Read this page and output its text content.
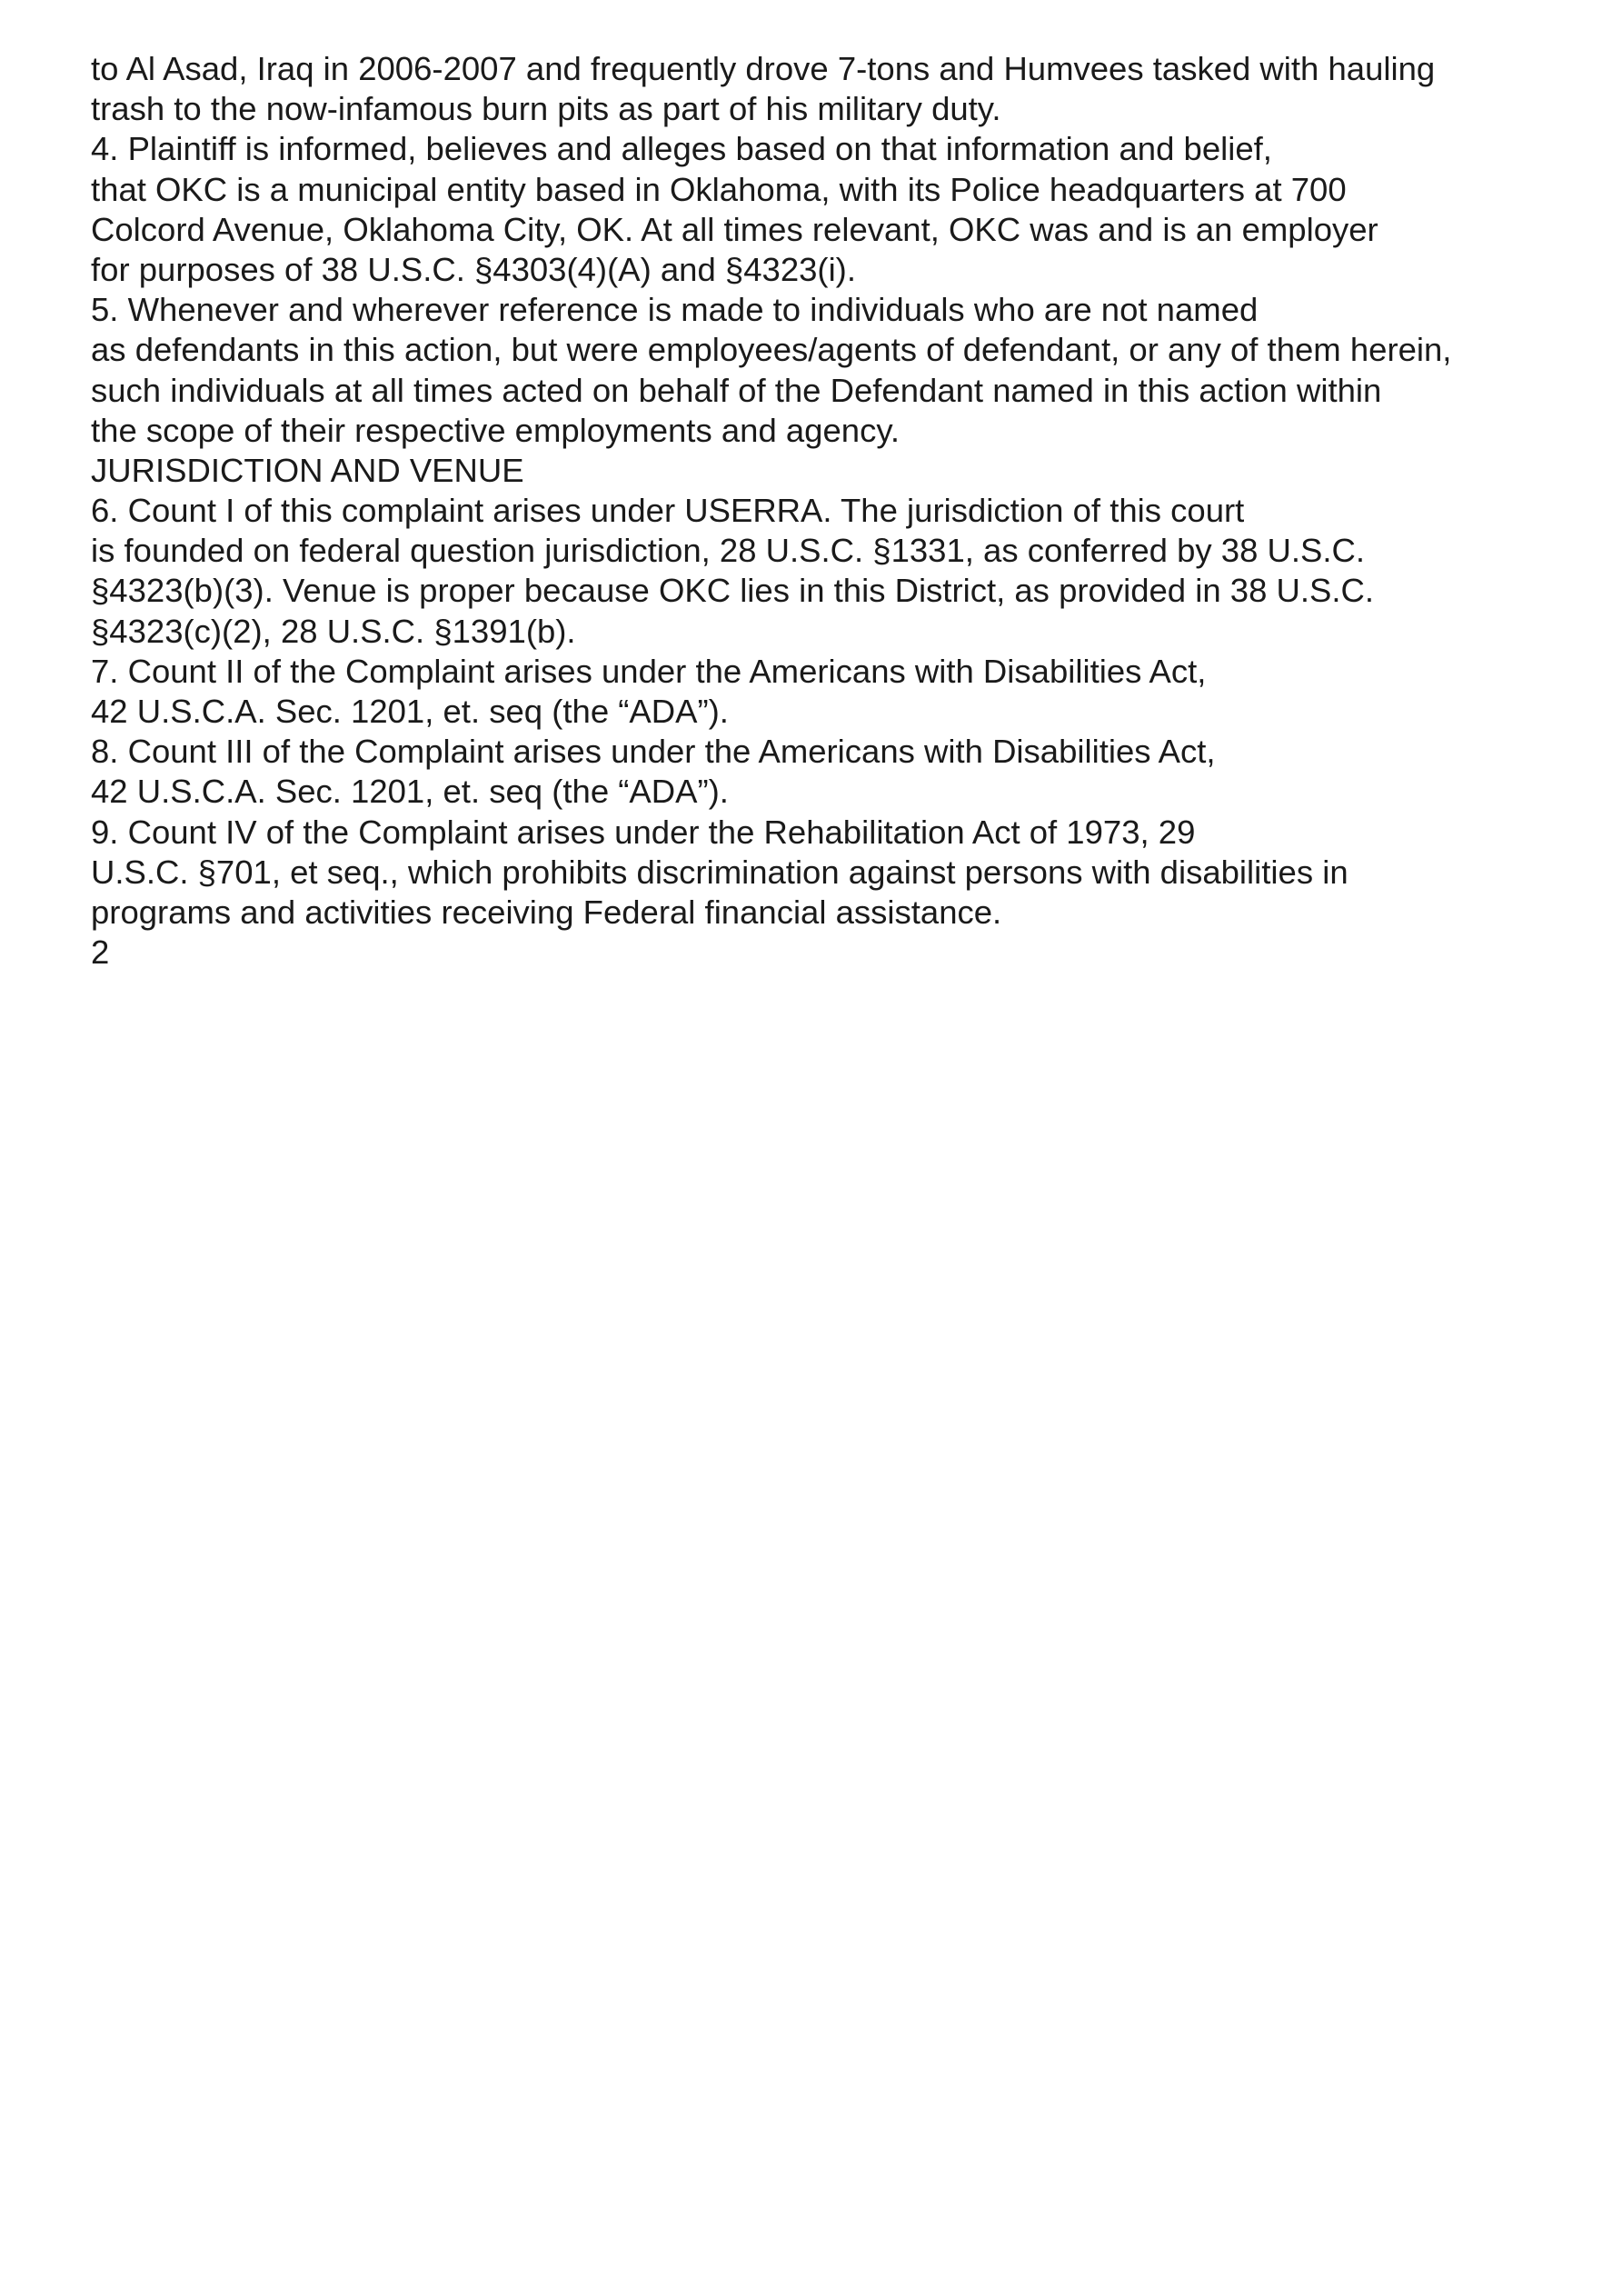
to Al Asad, Iraq in 2006-2007 and frequently drove 7-tons and Humvees tasked with hauling
trash to the now-infamous burn pits as part of his military duty.
4. Plaintiff is informed, believes and alleges based on that information and belief,
that OKC is a municipal entity based in Oklahoma, with its Police headquarters at 700
Colcord Avenue, Oklahoma City, OK. At all times relevant, OKC was and is an employer
for purposes of 38 U.S.C. §4303(4)(A) and §4323(i).
5. Whenever and wherever reference is made to individuals who are not named
as defendants in this action, but were employees/agents of defendant, or any of them herein,
such individuals at all times acted on behalf of the Defendant named in this action within
the scope of their respective employments and agency.
JURISDICTION AND VENUE
6. Count I of this complaint arises under USERRA. The jurisdiction of this court
is founded on federal question jurisdiction, 28 U.S.C. §1331, as conferred by 38 U.S.C.
§4323(b)(3). Venue is proper because OKC lies in this District, as provided in 38 U.S.C.
§4323(c)(2), 28 U.S.C. §1391(b).
7. Count II of the Complaint arises under the Americans with Disabilities Act,
42 U.S.C.A. Sec. 1201, et. seq (the “ADA”).
8. Count III of the Complaint arises under the Americans with Disabilities Act,
42 U.S.C.A. Sec. 1201, et. seq (the “ADA”).
9. Count IV of the Complaint arises under the Rehabilitation Act of 1973, 29
U.S.C. §701, et seq., which prohibits discrimination against persons with disabilities in
programs and activities receiving Federal financial assistance.
2
